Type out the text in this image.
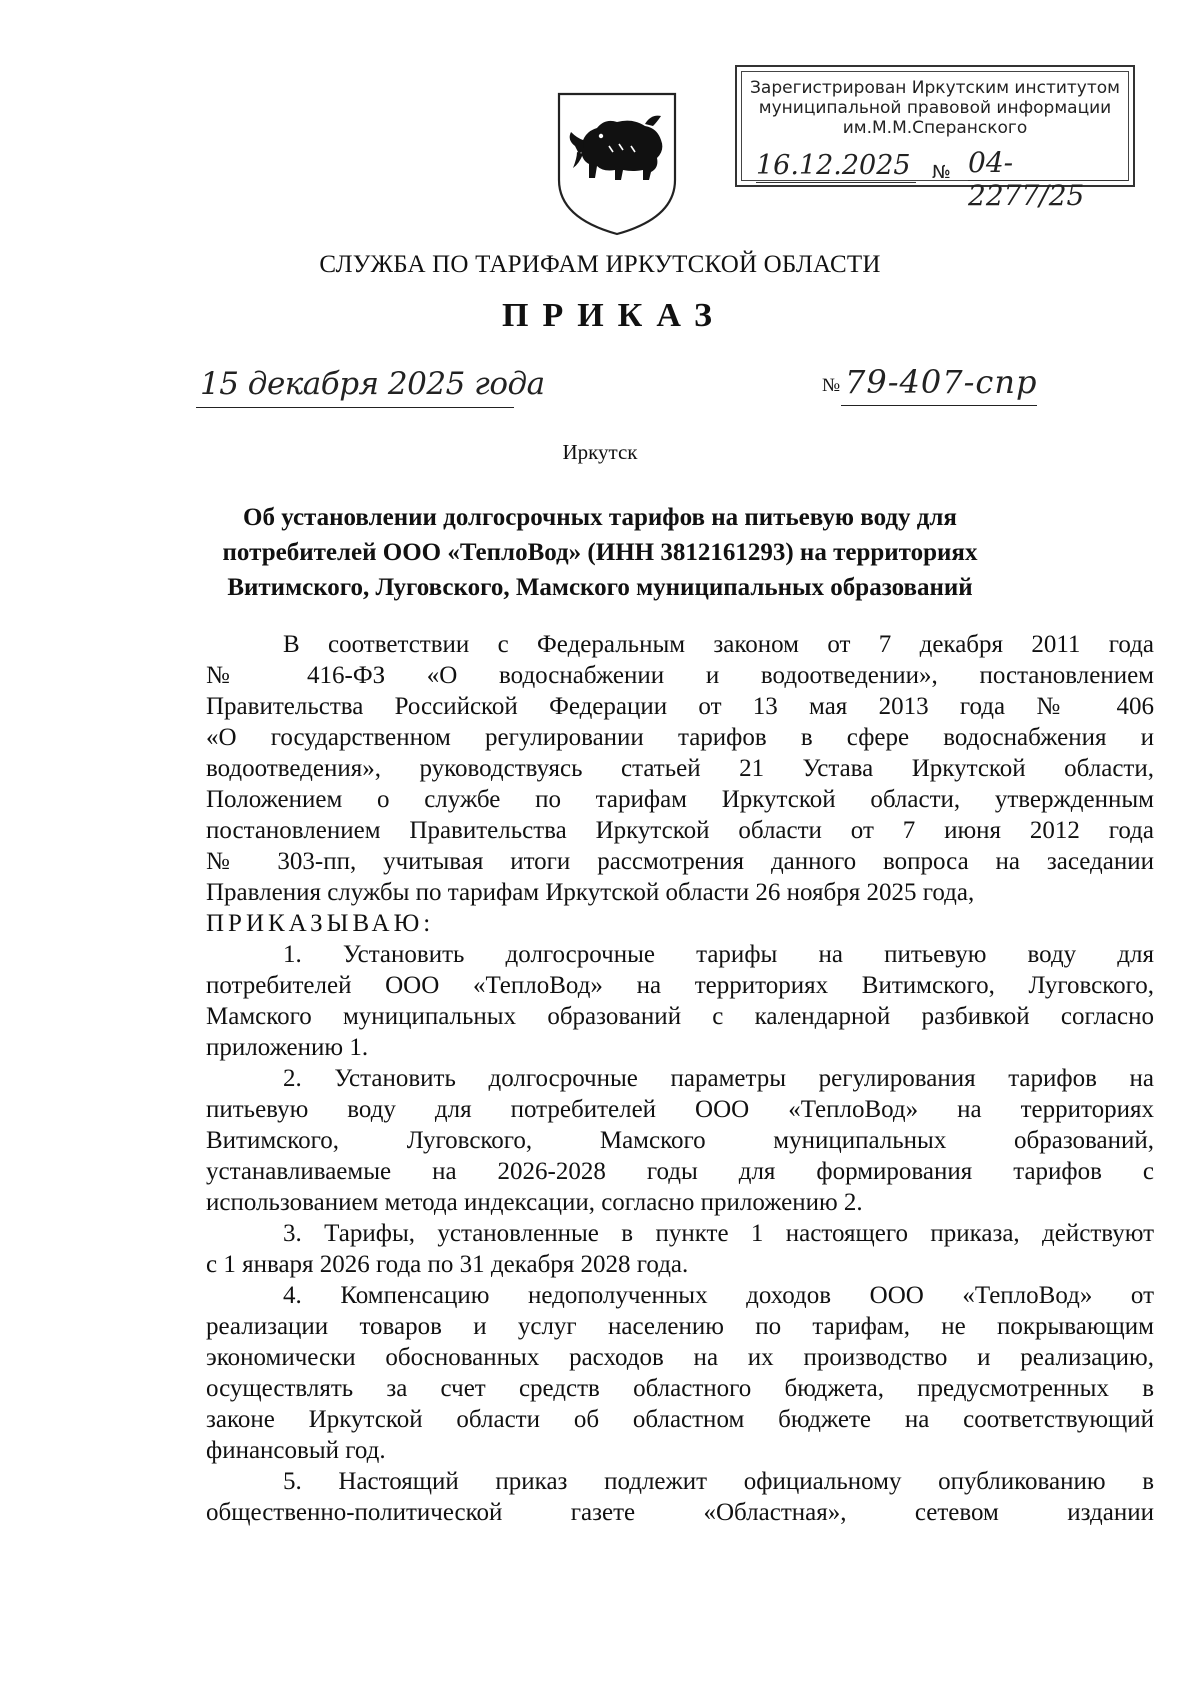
Зарегистрирован Иркутским институтом
муниципальной правовой информации
им.М.М.Сперанского
16.12.2025	№ 04-2277/25
СЛУЖБА ПО ТАРИФАМ ИРКУТСКОЙ ОБЛАСТИ
ПРИКАЗ
15 декабря 2025 года	№ 79-407-спр
Иркутск
Об установлении долгосрочных тарифов на питьевую воду для
потребителей ООО «ТеплоВод» (ИНН 3812161293) на территориях
Витимского, Луговского, Мамского муниципальных образований
В соответствии с Федеральным законом от 7 декабря 2011 года
№ 416-ФЗ «О водоснабжении и водоотведении», постановлением
Правительства Российской Федерации от 13 мая 2013 года № 406
«О государственном регулировании тарифов в сфере водоснабжения и
водоотведения», руководствуясь статьей 21 Устава Иркутской области,
Положением о службе по тарифам Иркутской области, утвержденным
постановлением Правительства Иркутской области от 7 июня 2012 года
№ 303-пп, учитывая итоги рассмотрения данного вопроса на заседании
Правления службы по тарифам Иркутской области 26 ноября 2025 года,
ПРИКАЗЫВАЮ:
1. Установить долгосрочные тарифы на питьевую воду для
потребителей ООО «ТеплоВод» на территориях Витимского, Луговского,
Мамского муниципальных образований с календарной разбивкой согласно
приложению 1.
2. Установить долгосрочные параметры регулирования тарифов на
питьевую воду для потребителей ООО «ТеплоВод» на территориях
Витимского, Луговского, Мамского муниципальных образований,
устанавливаемые на 2026-2028 годы для формирования тарифов с
использованием метода индексации, согласно приложению 2.
3. Тарифы, установленные в пункте 1 настоящего приказа, действуют
с 1 января 2026 года по 31 декабря 2028 года.
4. Компенсацию недополученных доходов ООО «ТеплоВод» от
реализации товаров и услуг населению по тарифам, не покрывающим
экономически обоснованных расходов на их производство и реализацию,
осуществлять за счет средств областного бюджета, предусмотренных в
законе Иркутской области об областном бюджете на соответствующий
финансовый год.
5. Настоящий приказ подлежит официальному опубликованию в
общественно-политической газете «Областная», сетевом издании
